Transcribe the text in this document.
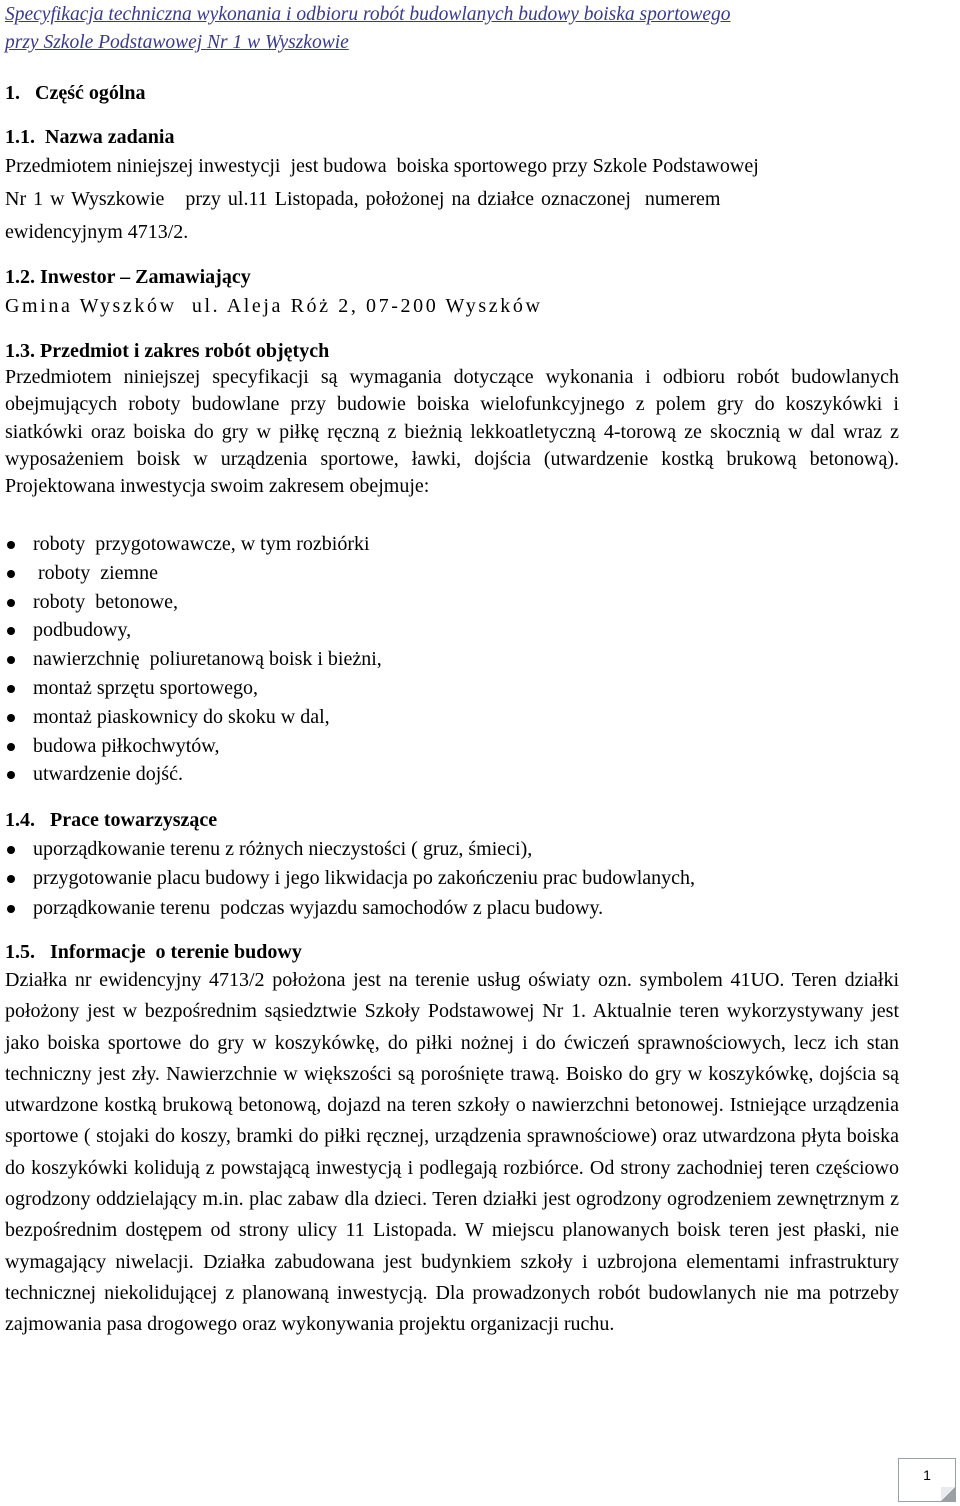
Specyfikacja techniczna wykonania i odbioru robót budowlanych budowy boiska sportowego
przy Szkole Podstawowej Nr 1 w Wyszkowie
1.   Część ogólna
1.1.  Nazwa zadania
Przedmiotem niniejszej inwestycji  jest budowa  boiska sportowego przy Szkole Podstawowej
Nr 1 w Wyszkowie   przy ul.11 Listopada, położonej na działce oznaczonej  numerem
ewidencyjnym 4713/2.
1.2. Inwestor – Zamawiający
Gmina Wyszków  ul. Aleja Róż 2, 07-200 Wyszków
1.3. Przedmiot i zakres robót objętych
Przedmiotem niniejszej specyfikacji są wymagania dotyczące wykonania i odbioru robót budowlanych obejmujących roboty budowlane przy budowie boiska wielofunkcyjnego z polem gry do koszykówki i siatkówki oraz boiska do gry w piłkę ręczną z bieżnią lekkoatletyczną 4-torową ze skocznią w dal wraz z wyposażeniem boisk w urządzenia sportowe, ławki, dojścia (utwardzenie kostką brukową betonową). Projektowana inwestycja swoim zakresem obejmuje:
roboty  przygotowawcze, w tym rozbiórki
roboty  ziemne
roboty  betonowe,
podbudowy,
nawierzchnię  poliuretanową boisk i bieżni,
montaż sprzętu sportowego,
montaż piaskownicy do skoku w dal,
budowa piłkochwytów,
utwardzenie dojść.
1.4.   Prace towarzyszące
uporządkowanie terenu z różnych nieczystości ( gruz, śmieci),
przygotowanie placu budowy i jego likwidacja po zakończeniu prac budowlanych,
porządkowanie terenu  podczas wyjazdu samochodów z placu budowy.
1.5.   Informacje  o terenie budowy
Działka nr ewidencyjny 4713/2 położona jest na terenie usług oświaty ozn. symbolem 41UO. Teren działki położony jest w bezpośrednim sąsiedztwie Szkoły Podstawowej Nr 1. Aktualnie teren wykorzystywany jest jako boiska sportowe do gry w koszykówkę, do piłki nożnej i do ćwiczeń sprawnościowych, lecz ich stan techniczny jest zły. Nawierzchnie w większości są porośnięte trawą. Boisko do gry w koszykówkę, dojścia są utwardzone kostką brukową betonową, dojazd na teren szkoły o nawierzchni betonowej. Istniejące urządzenia sportowe ( stojaki do koszy, bramki do piłki ręcznej, urządzenia sprawnościowe) oraz utwardzona płyta boiska do koszykówki kolidują z powstającą inwestycją i podlegają rozbiórce. Od strony zachodniej teren częściowo ogrodzony oddzielający m.in. plac zabaw dla dzieci. Teren działki jest ogrodzony ogrodzeniem zewnętrznym z bezpośrednim dostępem od strony ulicy 11 Listopada. W miejscu planowanych boisk teren jest płaski, nie wymagający niwelacji. Działka zabudowana jest budynkiem szkoły i uzbrojona elementami infrastruktury technicznej niekolidującej z planowaną inwestycją. Dla prowadzonych robót budowlanych nie ma potrzeby zajmowania pasa drogowego oraz wykonywania projektu organizacji ruchu.
1
